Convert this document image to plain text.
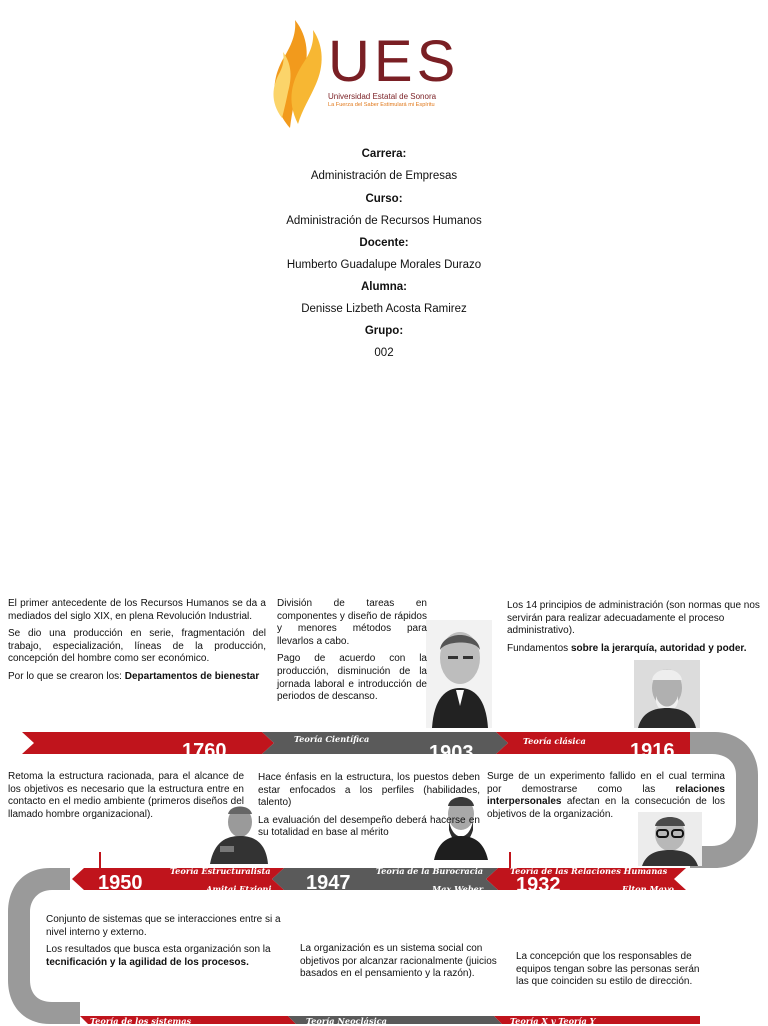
UES
Universidad Estatal de Sonora
La Fuerza del Saber Estimulará mi Espíritu
Carrera:
Administración de Empresas
Curso:
Administración de Recursos Humanos
Docente:
Humberto Guadalupe Morales Durazo
Alumna:
Denisse Lizbeth Acosta Ramirez
Grupo:
002

El primer antecedente de los Recursos Humanos se da a mediados del siglo XIX, en plena Revolución Industrial.

Se dio una producción en serie, fragmentación del trabajo, especialización, líneas de la producción, concepción del hombre como ser económico.

Por lo que se crearon los: Departamentos de bienestar

División de tareas en componentes y diseño de rápidos y menores métodos para llevarlos a cabo.

Pago de acuerdo con la producción, disminución de la jornada laboral e introducción de periodos de descanso.

Los 14 principios de administración (son normas que nos servirán para realizar adecuadamente el proceso administrativo).

Fundamentos sobre la jerarquía, autoridad y poder.

1760
Teoría Científica
Frederick W. Taylor 1903
Teoría clásica
Henry Fayol	1916

Retoma la estructura racionada, para el alcance de los objetivos es necesario que la estructura entre en contacto en el medio ambiente (primeros diseños del llamado hombre organizacional).

Hace énfasis en la estructura, los puestos deben estar enfocados a los perfiles (habilidades, talento)

La evaluación del desempeño deberá hacerse en su totalidad en base al mérito

Surge de un experimento fallido en el cual termina por demostrarse como las relaciones interpersonales afectan en la consecución de los objetivos de la organización.

1950
Teoría Estructuralista
Amitai Etzioni 1947
Teoría de la Burocracia
Max Weber 1932
Teoría de las Relaciones Humanas
Elton Mayo

Conjunto de sistemas que se interacciones entre si a nivel interno y externo.

Los resultados que busca esta organización son la tecnificación y la agilidad de los procesos.

La organización es un sistema social con objetivos por alcanzar racionalmente (juicios basados en el pensamiento y la razón).

La concepción que los responsables de equipos tengan sobre las personas serán las que coinciden su estilo de dirección.

Teoría de los sistemas	Teoría Neoclásica	Teoría X y Teoría Y
